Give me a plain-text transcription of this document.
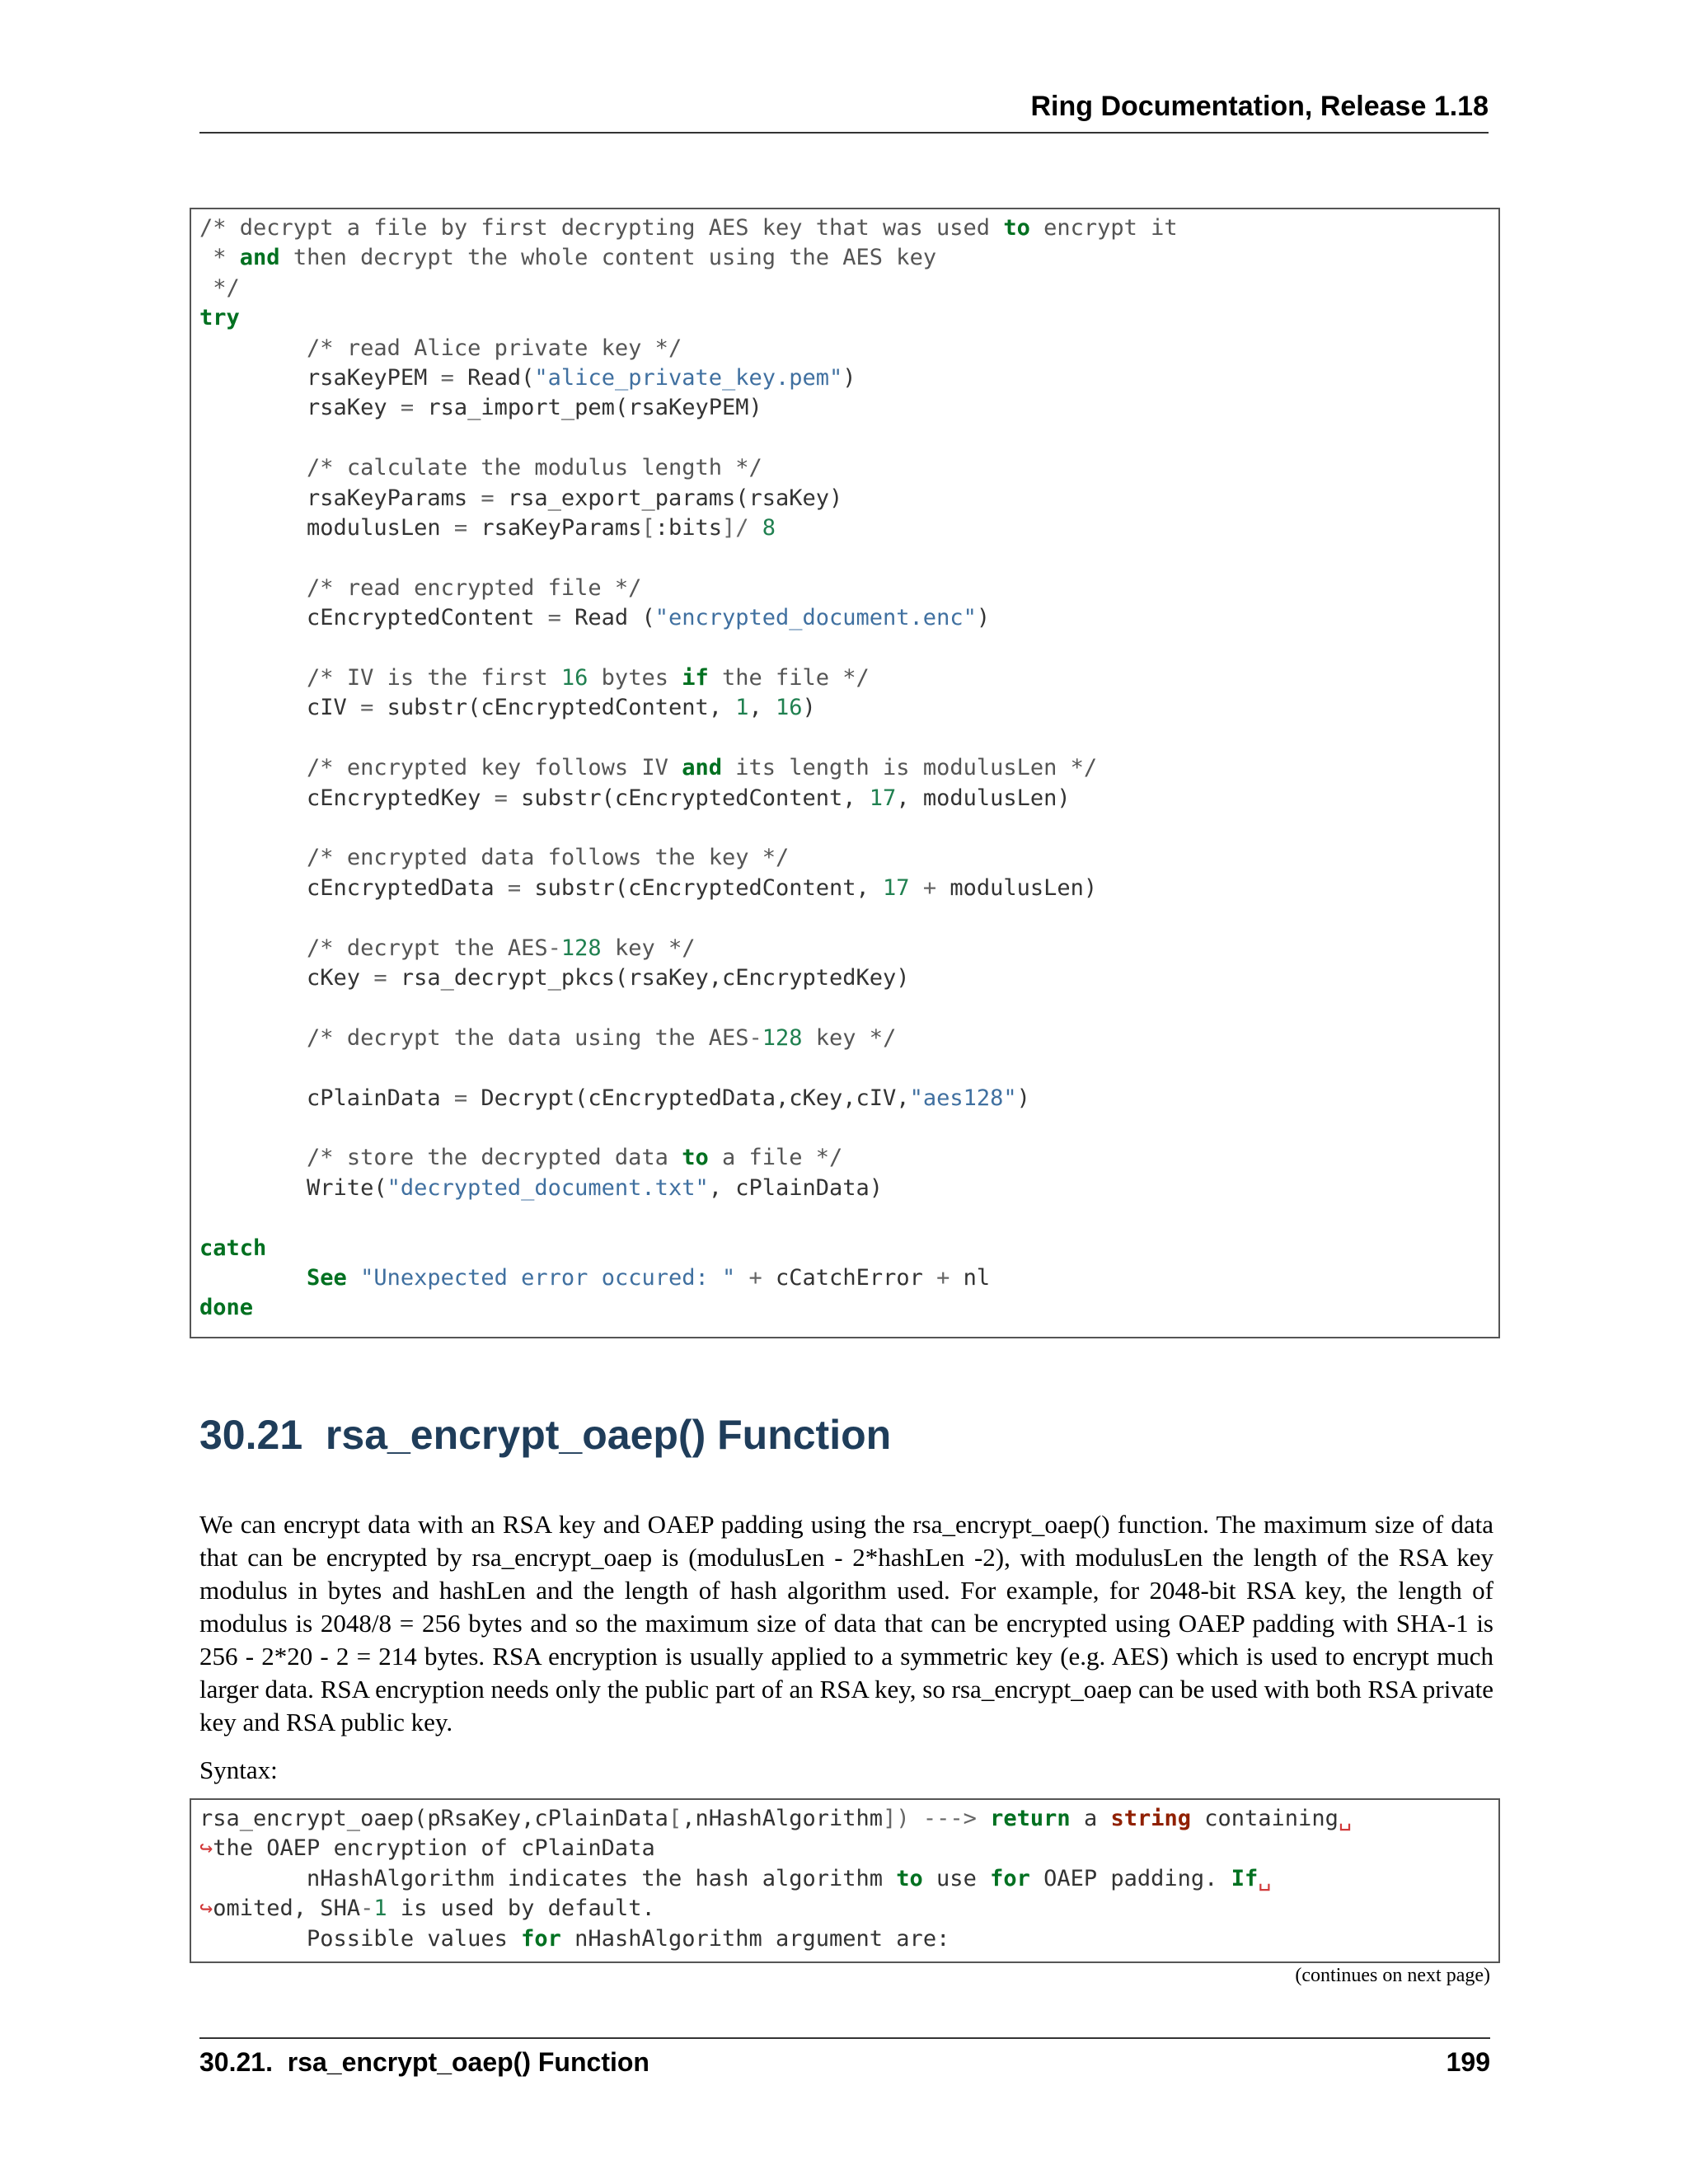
Ring Documentation, Release 1.18
/* decrypt a file by first decrypting AES key that was used to encrypt it
* and then decrypt the whole content using the AES key
*/
try
/* read Alice private key */
rsaKeyPEM = Read("alice_private_key.pem")
rsaKey = rsa_import_pem(rsaKeyPEM)
/* calculate the modulus length */
rsaKeyParams = rsa_export_params(rsaKey)
modulusLen = rsaKeyParams[:bits]/ 8
/* read encrypted file */
cEncryptedContent = Read ("encrypted_document.enc")
/* IV is the first 16 bytes if the file */
cIV = substr(cEncryptedContent, 1, 16)
/* encrypted key follows IV and its length is modulusLen */
cEncryptedKey = substr(cEncryptedContent, 17, modulusLen)
/* encrypted data follows the key */
cEncryptedData = substr(cEncryptedContent, 17 + modulusLen)
/* decrypt the AES-128 key */
cKey = rsa_decrypt_pkcs(rsaKey,cEncryptedKey)
/* decrypt the data using the AES-128 key */
cPlainData = Decrypt(cEncryptedData,cKey,cIV,"aes128")
/* store the decrypted data to a file */
Write("decrypted_document.txt", cPlainData)
catch
See "Unexpected error occured: " + cCatchError + nl
done
30.21 rsa_encrypt_oaep() Function
We can encrypt data with an RSA key and OAEP padding using the rsa_encrypt_oaep() function. The maximum size of data that can be encrypted by rsa_encrypt_oaep is (modulusLen - 2*hashLen -2), with modulusLen the length of the RSA key modulus in bytes and hashLen and the length of hash algorithm used. For example, for 2048-bit RSA key, the length of modulus is 2048/8 = 256 bytes and so the maximum size of data that can be encrypted using OAEP padding with SHA-1 is 256 - 2*20 - 2 = 214 bytes. RSA encryption is usually applied to a symmetric key (e.g. AES) which is used to encrypt much larger data. RSA encryption needs only the public part of an RSA key, so rsa_encrypt_oaep can be used with both RSA private key and RSA public key.
Syntax:
rsa_encrypt_oaep(pRsaKey,cPlainData[,nHashAlgorithm]) ---> return a string containing␣
↪the OAEP encryption of cPlainData
nHashAlgorithm indicates the hash algorithm to use for OAEP padding. If␣
↪omited, SHA-1 is used by default.
Possible values for nHashAlgorithm argument are:
(continues on next page)
30.21.  rsa_encrypt_oaep() Function	199
